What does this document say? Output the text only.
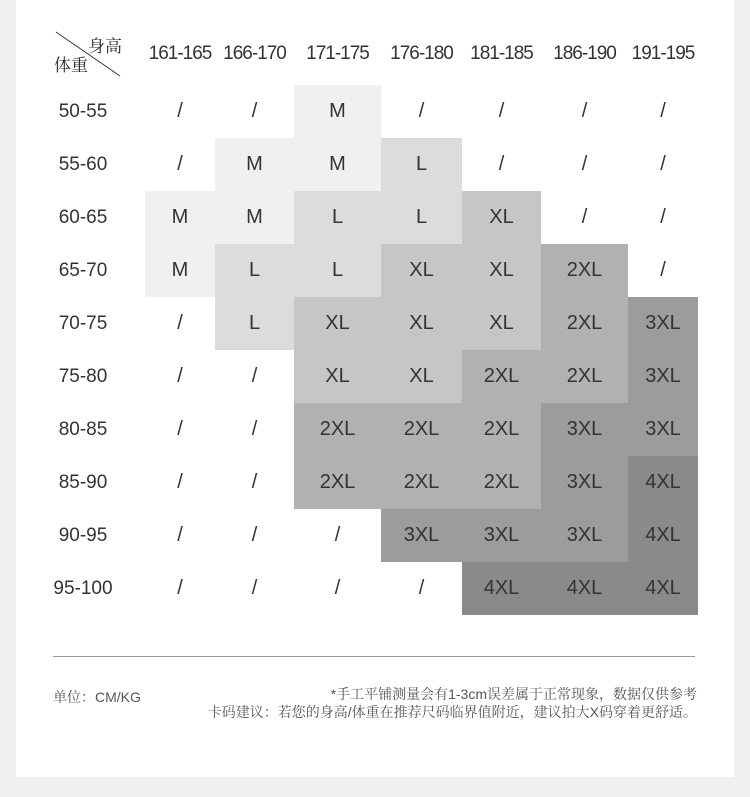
身高
体重
161-165 166-170	171-175	176-180 181-185	186-190 191-195
50-55	/	/	M	/	/	/	/
55-60	/	M	M	L	/	/	/
60-65	M	M	L	L	XL	/	/
65-70	M	L	L	XL	XL	2XL	/
70-75	/	L	XL	XL	XL	2XL	3XL
75-80	/	/	XL	XL	2XL	2XL	3XL
80-85	/	/	2XL	2XL	2XL	3XL	3XL
85-90	/	/	2XL	2XL	2XL	3XL	4XL
90-95	/	/	/	3XL	3XL	3XL	4XL
95-100	/	/	/	/	4XL	4XL	4XL
单位：CM/KG	*手工平铺测量会有1-3cm误差属于正常现象，数据仅供参考
卡码建议：若您的身高/体重在推荐尺码临界值附近，建议拍大X码穿着更舒适。
